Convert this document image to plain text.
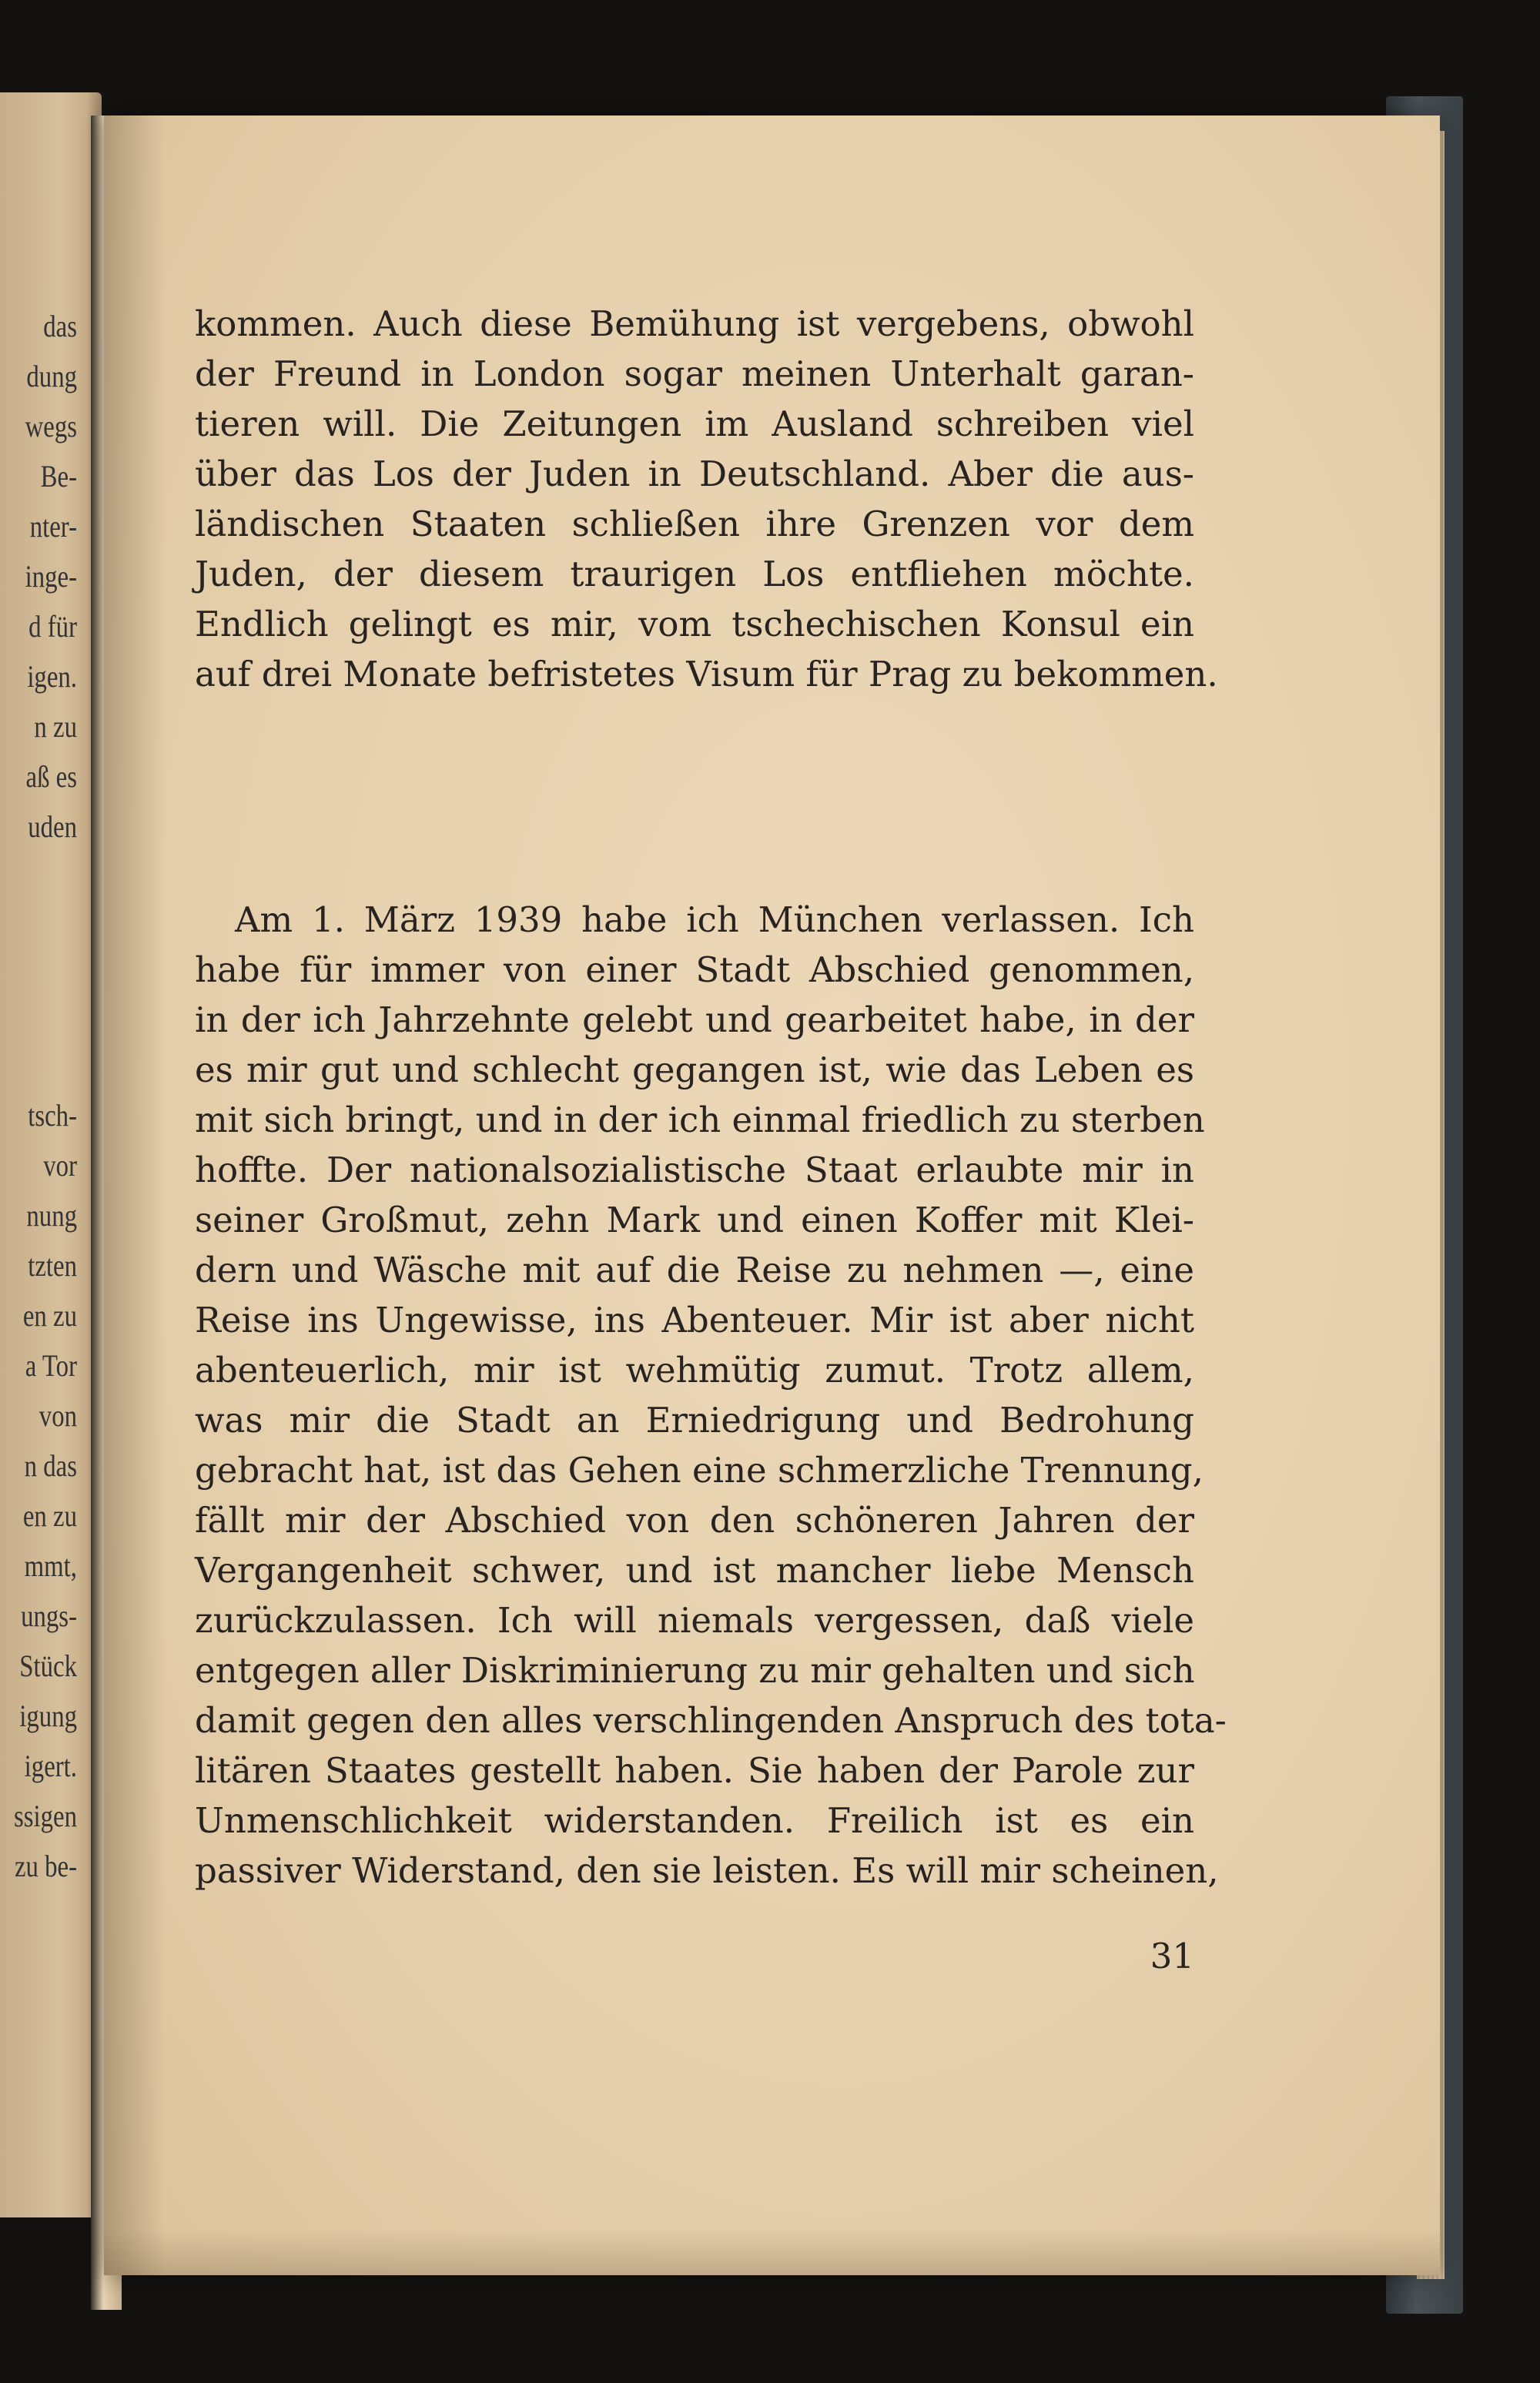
das
dung
wegs
Be-
nter-
inge-
d für
igen.
n zu
aß es
uden
tsch-
vor
nung
tzten
en zu
a Tor
von
n das
en zu
mmt,
ungs-
Stück
igung
igert.
ssigen
zu be-
kommen. Auch diese Bemühung ist vergebens, obwohl
der Freund in London sogar meinen Unterhalt garan-
tieren will. Die Zeitungen im Ausland schreiben viel
über das Los der Juden in Deutschland. Aber die aus-
ländischen Staaten schließen ihre Grenzen vor dem
Juden, der diesem traurigen Los entfliehen möchte.
Endlich gelingt es mir, vom tschechischen Konsul ein
auf drei Monate befristetes Visum für Prag zu bekommen.
Am 1. März 1939 habe ich München verlassen. Ich
habe für immer von einer Stadt Abschied genommen,
in der ich Jahrzehnte gelebt und gearbeitet habe, in der
es mir gut und schlecht gegangen ist, wie das Leben es
mit sich bringt, und in der ich einmal friedlich zu sterben
hoffte. Der nationalsozialistische Staat erlaubte mir in
seiner Großmut, zehn Mark und einen Koffer mit Klei-
dern und Wäsche mit auf die Reise zu nehmen —, eine
Reise ins Ungewisse, ins Abenteuer. Mir ist aber nicht
abenteuerlich, mir ist wehmütig zumut. Trotz allem,
was mir die Stadt an Erniedrigung und Bedrohung
gebracht hat, ist das Gehen eine schmerzliche Trennung,
fällt mir der Abschied von den schöneren Jahren der
Vergangenheit schwer, und ist mancher liebe Mensch
zurückzulassen. Ich will niemals vergessen, daß viele
entgegen aller Diskriminierung zu mir gehalten und sich
damit gegen den alles verschlingenden Anspruch des tota-
litären Staates gestellt haben. Sie haben der Parole zur
Unmenschlichkeit widerstanden. Freilich ist es ein
passiver Widerstand, den sie leisten. Es will mir scheinen,
31
